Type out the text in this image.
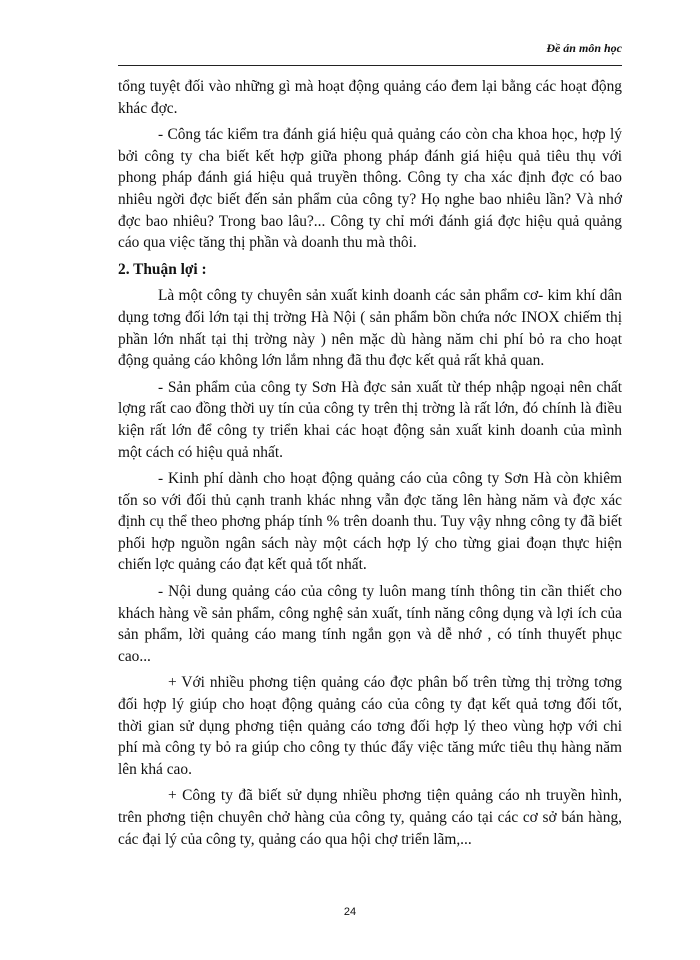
Đề án môn học

tổng tuyệt đối vào những gì mà hoạt động quảng cáo đem lại bằng các hoạt động khác đợc.

- Công tác kiểm tra đánh giá hiệu quả quảng cáo còn cha khoa học, hợp lý bởi công ty cha biết kết hợp giữa phong pháp đánh giá hiệu quả tiêu thụ với phong pháp đánh giá hiệu quả truyền thông. Công ty cha xác định đợc có bao nhiêu ngời đợc biết đến sản phẩm của công ty? Họ nghe bao nhiêu lần? Và nhớ đợc bao nhiêu? Trong bao lâu?... Công ty chỉ mới đánh giá đợc hiệu quả quảng cáo qua việc tăng thị phần và doanh thu mà thôi.

2. Thuận lợi :

Là một công ty chuyên sản xuất kinh doanh các sản phẩm cơ- kim khí dân dụng tơng đối lớn tại thị trờng Hà Nội ( sản phẩm bồn chứa nớc INOX chiếm thị phần lớn nhất tại thị trờng này ) nên mặc dù hàng năm chi phí bỏ ra cho hoạt động quảng cáo không lớn lắm nhng đã thu đợc kết quả rất khả quan.

- Sản phẩm của công ty Sơn Hà đợc sản xuất từ thép nhập ngoại nên chất lợng rất cao đồng thời uy tín của công ty trên thị trờng là rất lớn, đó chính là điều kiện rất lớn để công ty triển khai các hoạt động sản xuất kinh doanh của mình một cách có hiệu quả nhất.

- Kinh phí dành cho hoạt động quảng cáo của công ty Sơn Hà còn khiêm tốn so với đối thủ cạnh tranh khác nhng vẫn đợc tăng lên hàng năm và đợc xác định cụ thể theo phơng pháp tính % trên doanh thu. Tuy vậy nhng công ty đã biết phối hợp nguồn ngân sách này một cách hợp lý cho từng giai đoạn thực hiện chiến lợc quảng cáo đạt kết quả tốt nhất.

- Nội dung quảng cáo của công ty luôn mang tính thông tin cần thiết cho khách hàng về sản phẩm, công nghệ sản xuất, tính năng công dụng và lợi ích của sản phẩm, lời quảng cáo mang tính ngắn gọn và dễ nhớ , có tính thuyết phục cao...

+ Với nhiều phơng tiện quảng cáo đợc phân bố trên từng thị trờng tơng đối hợp lý giúp cho hoạt động quảng cáo của công ty đạt kết quả tơng đối tốt, thời gian sử dụng phơng tiện quảng cáo tơng đối hợp lý theo vùng hợp với chi phí mà công ty bỏ ra giúp cho công ty thúc đẩy việc tăng mức tiêu thụ hàng năm lên khá cao.

+ Công ty đã biết sử dụng nhiều phơng tiện quảng cáo nh truyền hình, trên phơng tiện chuyên chở hàng của công ty, quảng cáo tại các cơ sở bán hàng, các đại lý của công ty, quảng cáo qua hội chợ triển lãm,...

24
